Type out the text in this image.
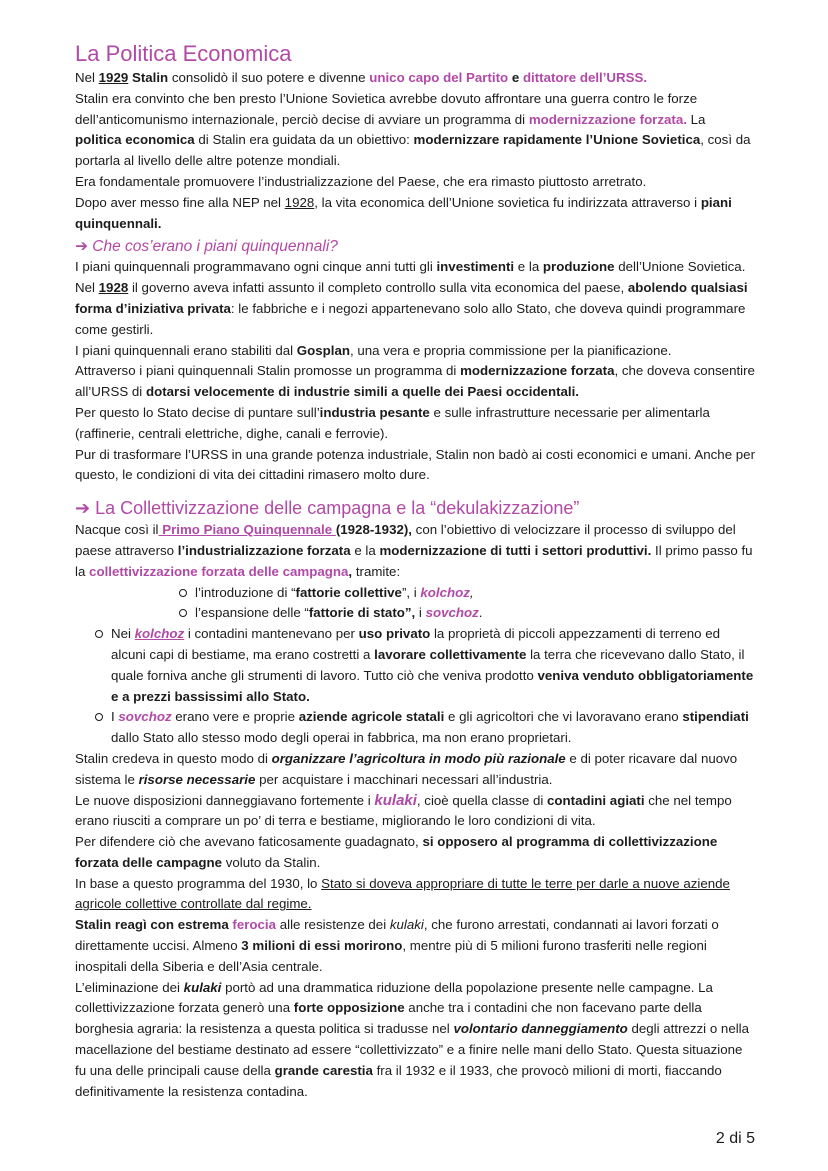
La Politica Economica

Nel 1929 Stalin consolidò il suo potere e divenne unico capo del Partito e dittatore dell’URSS.

Stalin era convinto che ben presto l’Unione Sovietica avrebbe dovuto affrontare una guerra contro le forze dell’anticomunismo internazionale, perciò decise di avviare un programma di modernizzazione forzata. La politica economica di Stalin era guidata da un obiettivo: modernizzare rapidamente l’Unione Sovietica, così da portarla al livello delle altre potenze mondiali.

Era fondamentale promuovere l’industrializzazione del Paese, che era rimasto piuttosto arretrato.

Dopo aver messo fine alla NEP nel 1928, la vita economica dell’Unione sovietica fu indirizzata attraverso i piani quinquennali.

➔ Che cos’erano i piani quinquennali?

I piani quinquennali programmavano ogni cinque anni tutti gli investimenti e la produzione dell’Unione Sovietica. Nel 1928 il governo aveva infatti assunto il completo controllo sulla vita economica del paese, abolendo qualsiasi forma d’iniziativa privata: le fabbriche e i negozi appartenevano solo allo Stato, che doveva quindi programmare come gestirli.

I piani quinquennali erano stabiliti dal Gosplan, una vera e propria commissione per la pianificazione.

Attraverso i piani quinquennali Stalin promosse un programma di modernizzazione forzata, che doveva consentire all’URSS di dotarsi velocemente di industrie simili a quelle dei Paesi occidentali.

Per questo lo Stato decise di puntare sull’industria pesante e sulle infrastrutture necessarie per alimentarla (raffinerie, centrali elettriche, dighe, canali e ferrovie).

Pur di trasformare l’URSS in una grande potenza industriale, Stalin non badò ai costi economici e umani. Anche per questo, le condizioni di vita dei cittadini rimasero molto dure.

➔ La Collettivizzazione delle campagna e la “dekulakizzazione”

Nacque così il Primo Piano Quinquennale (1928-1932), con l’obiettivo di velocizzare il processo di sviluppo del paese attraverso l’industrializzazione forzata e la modernizzazione di tutti i settori produttivi. Il primo passo fu la collettivizzazione forzata delle campagna, tramite:

l’introduzione di “fattorie collettive”, i kolchoz,
l’espansione delle “fattorie di stato”, i sovchoz.
Nei kolchoz i contadini mantenevano per uso privato la proprietà di piccoli appezzamenti di terreno ed alcuni capi di bestiame, ma erano costretti a lavorare collettivamente la terra che ricevevano dallo Stato, il quale forniva anche gli strumenti di lavoro. Tutto ciò che veniva prodotto veniva venduto obbligatoriamente e a prezzi bassissimi allo Stato.
I sovchoz erano vere e proprie aziende agricole statali e gli agricoltori che vi lavoravano erano stipendiati dallo Stato allo stesso modo degli operai in fabbrica, ma non erano proprietari.

Stalin credeva in questo modo di organizzare l’agricoltura in modo più razionale e di poter ricavare dal nuovo sistema le risorse necessarie per acquistare i macchinari necessari all’industria.

Le nuove disposizioni danneggiavano fortemente i kulaki, cioè quella classe di contadini agiati che nel tempo erano riusciti a comprare un po’ di terra e bestiame, migliorando le loro condizioni di vita.

Per difendere ciò che avevano faticosamente guadagnato, si opposero al programma di collettivizzazione forzata delle campagne voluto da Stalin.

In base a questo programma del 1930, lo Stato si doveva appropriare di tutte le terre per darle a nuove aziende agricole collettive controllate dal regime.

Stalin reagì con estrema ferocia alle resistenze dei kulaki, che furono arrestati, condannati ai lavori forzati o direttamente uccisi. Almeno 3 milioni di essi morirono, mentre più di 5 milioni furono trasferiti nelle regioni inospitali della Siberia e dell’Asia centrale.

L’eliminazione dei kulaki portò ad una drammatica riduzione della popolazione presente nelle campagne. La collettivizzazione forzata generò una forte opposizione anche tra i contadini che non facevano parte della borghesia agraria: la resistenza a questa politica si tradusse nel volontario danneggiamento degli attrezzi o nella macellazione del bestiame destinato ad essere “collettivizzato” e a finire nelle mani dello Stato. Questa situazione fu una delle principali cause della grande carestia fra il 1932 e il 1933, che provocò milioni di morti, fiaccando definitivamente la resistenza contadina.

2 di 5
